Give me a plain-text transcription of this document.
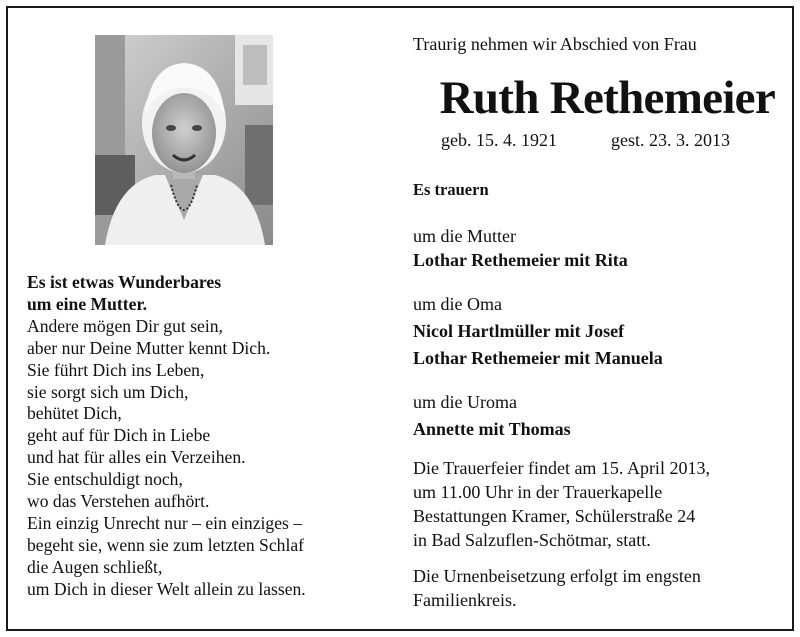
Es ist etwas Wunderbares
um eine Mutter.
Andere mögen Dir gut sein,
aber nur Deine Mutter kennt Dich.
Sie führt Dich ins Leben,
sie sorgt sich um Dich,
behütet Dich,
geht auf für Dich in Liebe
und hat für alles ein Verzeihen.
Sie entschuldigt noch,
wo das Verstehen aufhört.
Ein einzig Unrecht nur – ein einziges –
begeht sie, wenn sie zum letzten Schlaf
die Augen schließt,
um Dich in dieser Welt allein zu lassen.
Traurig nehmen wir Abschied von Frau
Ruth Rethemeier
geb. 15. 4. 1921	gest. 23. 3. 2013
Es trauern
um die Mutter
Lothar Rethemeier mit Rita
um die Oma
Nicol Hartlmüller mit Josef
Lothar Rethemeier mit Manuela
um die Uroma
Annette mit Thomas
Die Trauerfeier findet am 15. April 2013,
um 11.00 Uhr in der Trauerkapelle
Bestattungen Kramer, Schülerstraße 24
in Bad Salzuflen-Schötmar, statt.
Die Urnenbeisetzung erfolgt im engsten
Familienkreis.
